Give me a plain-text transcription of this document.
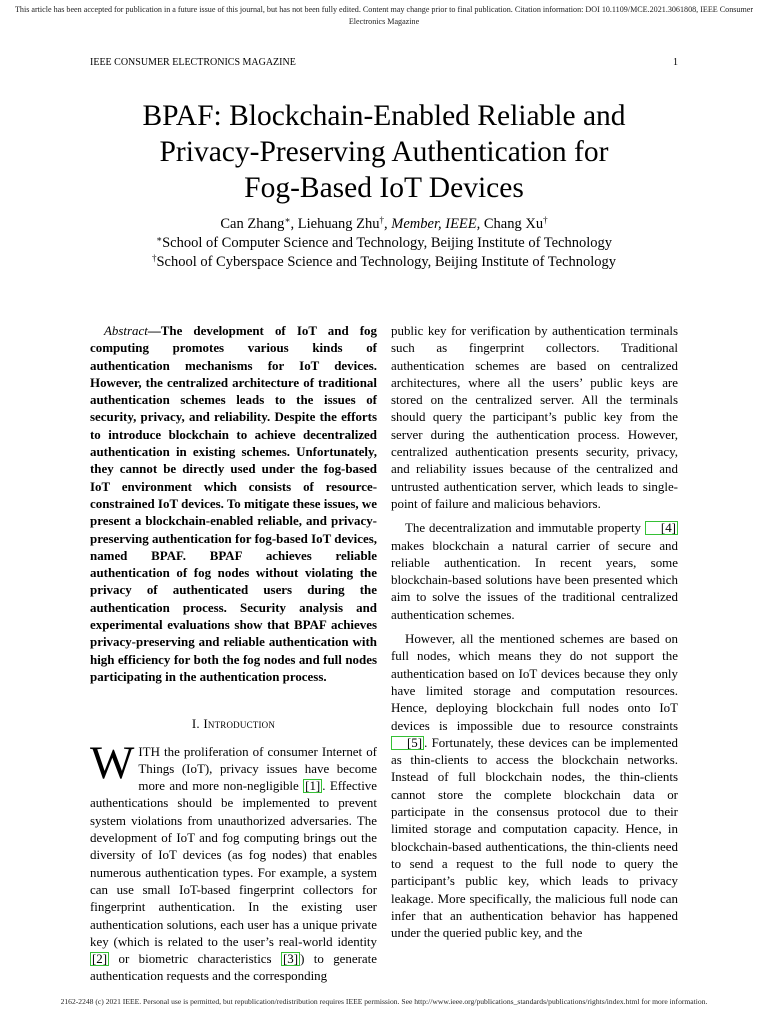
This article has been accepted for publication in a future issue of this journal, but has not been fully edited. Content may change prior to final publication. Citation information: DOI 10.1109/MCE.2021.3061808, IEEE Consumer Electronics Magazine
IEEE CONSUMER ELECTRONICS MAGAZINE	1
BPAF: Blockchain-Enabled Reliable and
Privacy-Preserving Authentication for
Fog-Based IoT Devices
Can Zhang∗, Liehuang Zhu†, Member, IEEE, Chang Xu†
∗School of Computer Science and Technology, Beijing Institute of Technology
†School of Cyberspace Science and Technology, Beijing Institute of Technology

Abstract—The development of IoT and fog computing promotes various kinds of authentication mechanisms for IoT devices. However, the centralized architecture of traditional authentication schemes leads to the issues of security, privacy, and reliability. Despite the efforts to introduce blockchain to achieve decentralized authentication in existing schemes. Unfortunately, they cannot be directly used under the fog-based IoT environment which consists of resource-constrained IoT devices. To mitigate these issues, we present a blockchain-enabled reliable, and privacy-preserving authentication for fog-based IoT devices, named BPAF. BPAF achieves reliable authentication of fog nodes without violating the privacy of authenticated users during the authentication process. Security analysis and experimental evaluations show that BPAF achieves privacy-preserving and reliable authentication with high efficiency for both the fog nodes and full nodes participating in the authentication process.

I. Introduction

WITH the proliferation of consumer Internet of Things (IoT), privacy issues have become more and more non-negligible [1] . Effective authentications should be implemented to prevent system violations from unauthorized adversaries. The development of IoT and fog computing brings out the diversity of IoT devices (as fog nodes) that enables numerous authentication types. For example, a system can use small IoT-based fingerprint collectors for fingerprint authentication. In the existing user authentication solutions, each user has a unique private key (which is related to the user’s real-world identity [2] or biometric characteristics [3] ) to generate authentication requests and the corresponding

public key for verification by authentication terminals such as fingerprint collectors. Traditional authentication schemes are based on centralized architectures, where all the users’ public keys are stored on the centralized server. All the terminals should query the participant’s public key from the server during the authentication process. However, centralized authentication presents security, privacy, and reliability issues because of the centralized and untrusted authentication server, which leads to single-point of failure and malicious behaviors.

The decentralization and immutable property [4] makes blockchain a natural carrier of secure and reliable authentication. In recent years, some blockchain-based solutions have been presented which aim to solve the issues of the traditional centralized authentication schemes.

However, all the mentioned schemes are based on full nodes, which means they do not support the authentication based on IoT devices because they only have limited storage and computation resources. Hence, deploying blockchain full nodes onto IoT devices is impossible due to resource constraints [5] . Fortunately, these devices can be implemented as thin-clients to access the blockchain networks. Instead of full blockchain nodes, the thin-clients cannot store the complete blockchain data or participate in the consensus protocol due to their limited storage and computation capacity. Hence, in blockchain-based authentications, the thin-clients need to send a request to the full node to query the participant’s public key, which leads to privacy leakage. More specifically, the malicious full node can infer that an authentication behavior has happened under the queried public key, and the

2162-2248 (c) 2021 IEEE. Personal use is permitted, but republication/redistribution requires IEEE permission. See http://www.ieee.org/publications_standards/publications/rights/index.html for more information.
